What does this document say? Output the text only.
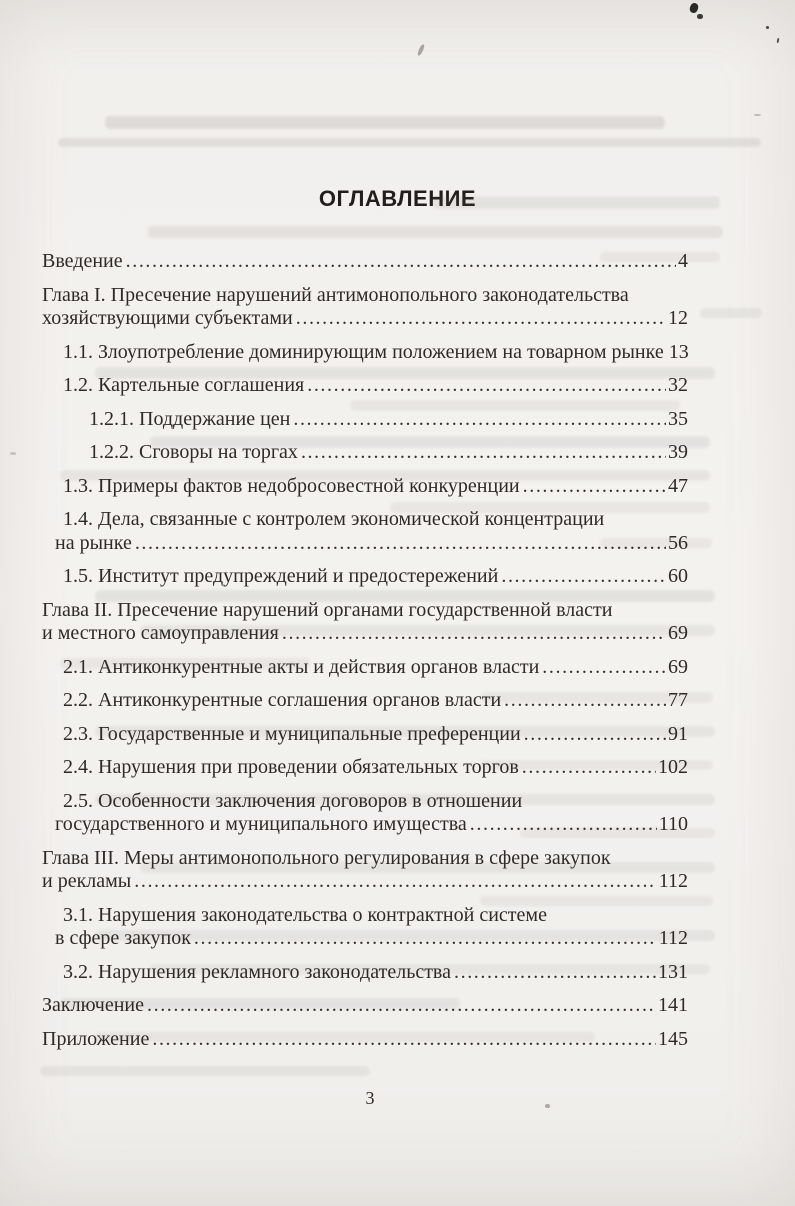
ОГЛАВЛЕНИЕ
Введение .....	4
Глава I. Пресечение нарушений антимонопольного законодательства
хозяйствующими субъектами .....	12
1.1. Злоупотребление доминирующим положением на товарном рынке 13
1.2. Картельные соглашения .....	32
1.2.1. Поддержание цен .....	35
1.2.2. Сговоры на торгах .....	39
1.3. Примеры фактов недобросовестной конкуренции .....	47
1.4. Дела, связанные с контролем экономической концентрации
на рынке .....	56
1.5. Институт предупреждений и предостережений .....	60
Глава II. Пресечение нарушений органами государственной власти
и местного самоуправления .....	69
2.1. Антиконкурентные акты и действия органов власти .....	69
2.2. Антиконкурентные соглашения органов власти .....	77
2.3. Государственные и муниципальные преференции .....	91
2.4. Нарушения при проведении обязательных торгов .....	102
2.5. Особенности заключения договоров в отношении
государственного и муниципального имущества .....	110
Глава III. Меры антимонопольного регулирования в сфере закупок
и рекламы .....	112
3.1. Нарушения законодательства о контрактной системе
в сфере закупок .....	112
3.2. Нарушения рекламного законодательства .....	131
Заключение .....	141
Приложение .....	145
3
